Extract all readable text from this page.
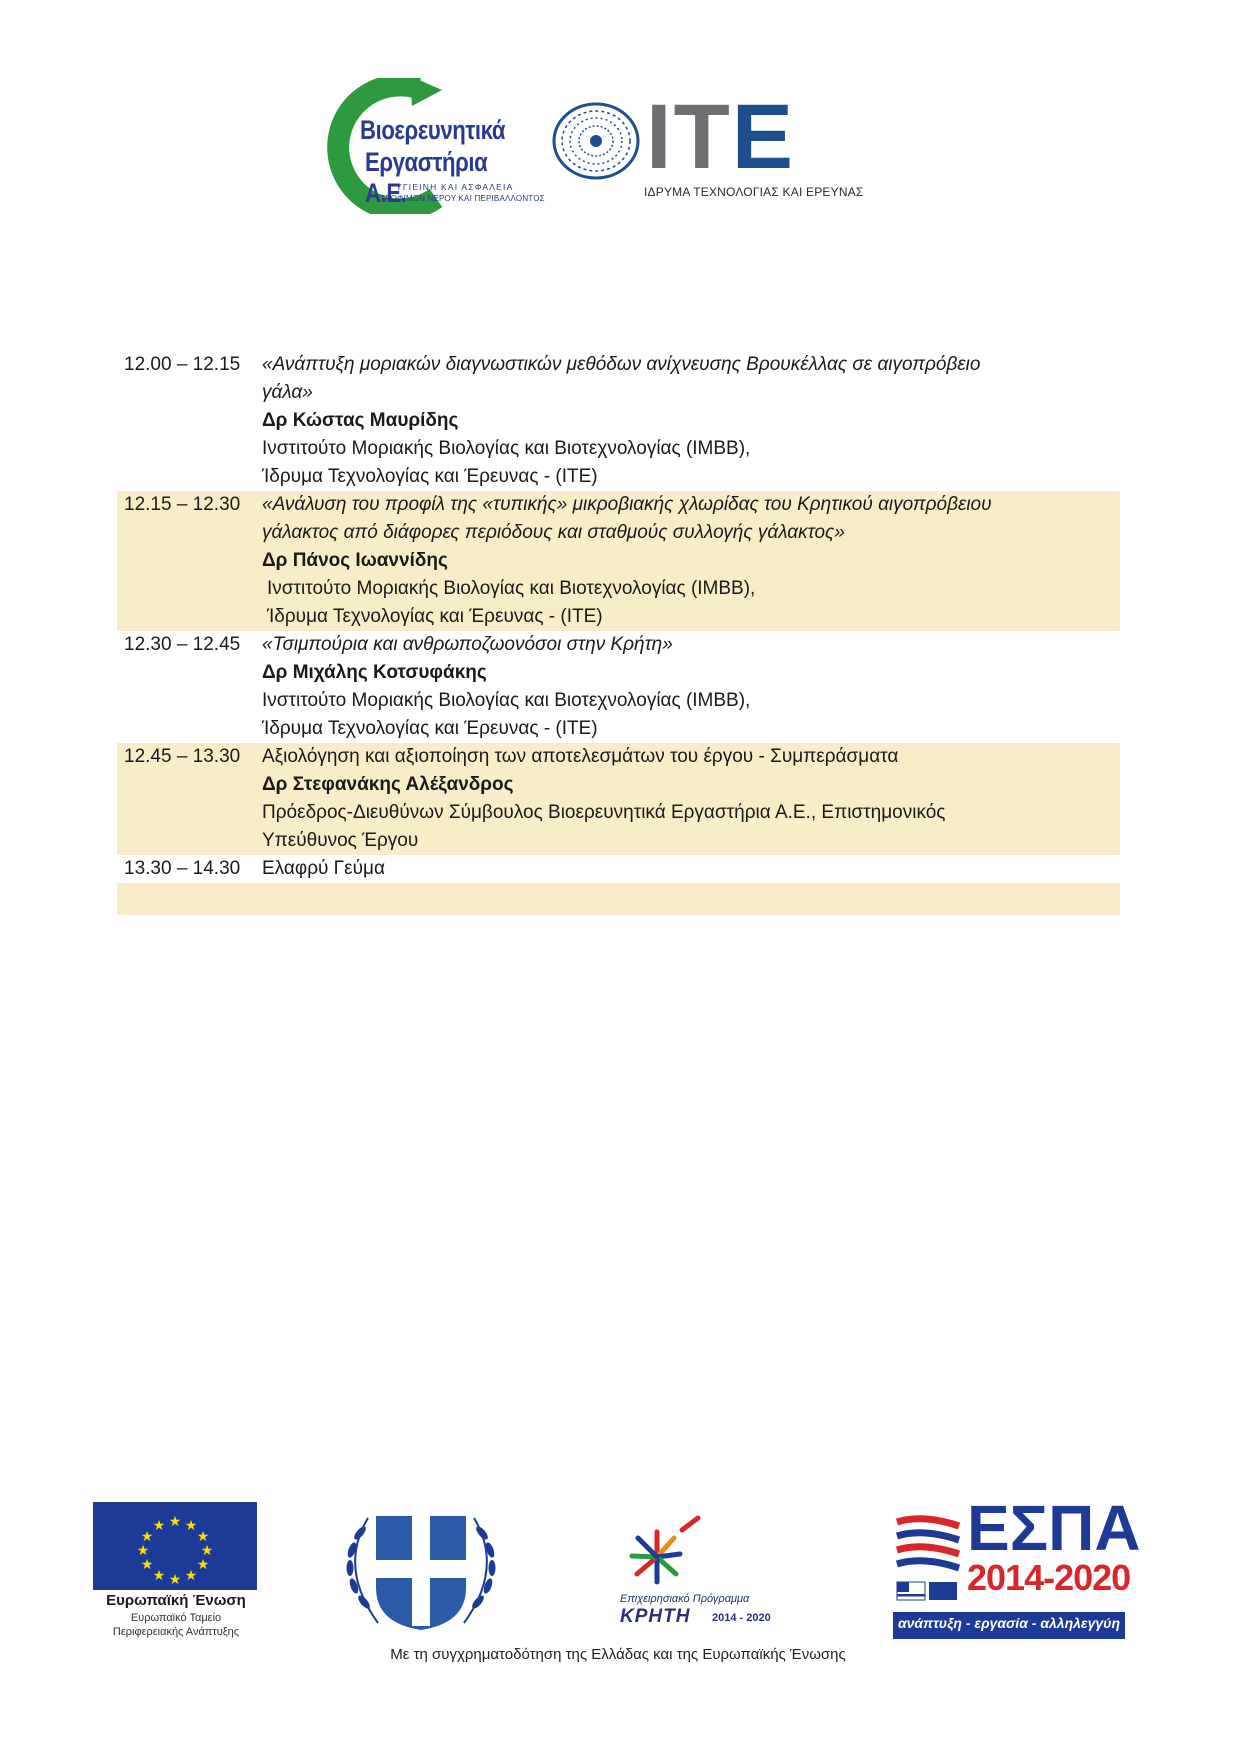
Βιοερευνητικά
Εργαστήρια Α.Ε.
ΥΓΙΕΙΝΗ ΚΑΙ ΑΣΦΑΛΕΙΑ
ΤΡΟΦΙΜΩΝ ΝΕΡΟΥ ΚΑΙ ΠΕΡΙΒΑΛΛΟΝΤΟΣ
ITE
ΙΔΡΥΜΑ ΤΕΧΝΟΛΟΓΙΑΣ ΚΑΙ ΕΡΕΥΝΑΣ
12.00 – 12.15	«Ανάπτυξη μοριακών διαγνωστικών μεθόδων ανίχνευσης Βρουκέλλας σε αιγοπρόβειο
γάλα»
Δρ Κώστας Μαυρίδης
Ινστιτούτο Μοριακής Βιολογίας και Βιοτεχνολογίας (ΙΜΒΒ),
Ίδρυμα Τεχνολογίας και Έρευνας - (ΙΤΕ)
12.15 – 12.30	«Ανάλυση του προφίλ της «τυπικής» μικροβιακής χλωρίδας του Κρητικού αιγοπρόβειου
γάλακτος από διάφορες περιόδους και σταθμούς συλλογής γάλακτος»
Δρ Πάνος Ιωαννίδης
Ινστιτούτο Μοριακής Βιολογίας και Βιοτεχνολογίας (ΙΜΒΒ),
Ίδρυμα Τεχνολογίας και Έρευνας - (ΙΤΕ)
12.30 – 12.45	«Τσιμπούρια και ανθρωποζωονόσοι στην Κρήτη»
Δρ Μιχάλης Κοτσυφάκης
Ινστιτούτο Μοριακής Βιολογίας και Βιοτεχνολογίας (ΙΜΒΒ),
Ίδρυμα Τεχνολογίας και Έρευνας - (ΙΤΕ)
12.45 – 13.30	Αξιολόγηση και αξιοποίηση των αποτελεσμάτων του έργου - Συμπεράσματα
Δρ Στεφανάκης Αλέξανδρος
Πρόεδρος-Διευθύνων Σύμβουλος Βιοερευνητικά Εργαστήρια Α.Ε., Επιστημονικός
Υπεύθυνος Έργου
13.30 – 14.30	Ελαφρύ Γεύμα
★ ★
★
★
★
★
★
★
★
★
★
★
Ευρωπαϊκή Ένωση
Ευρωπαϊκό Ταμείο
Περιφερειακής Ανάπτυξης
Επιχειρησιακό Πρόγραμμα
ΚΡΗΤΗ 2014 - 2020
ΕΣΠΑ
2014-2020
ανάπτυξη - εργασία - αλληλεγγύη
Με τη συγχρηματοδότηση της Ελλάδας και της Ευρωπαϊκής Ένωσης
